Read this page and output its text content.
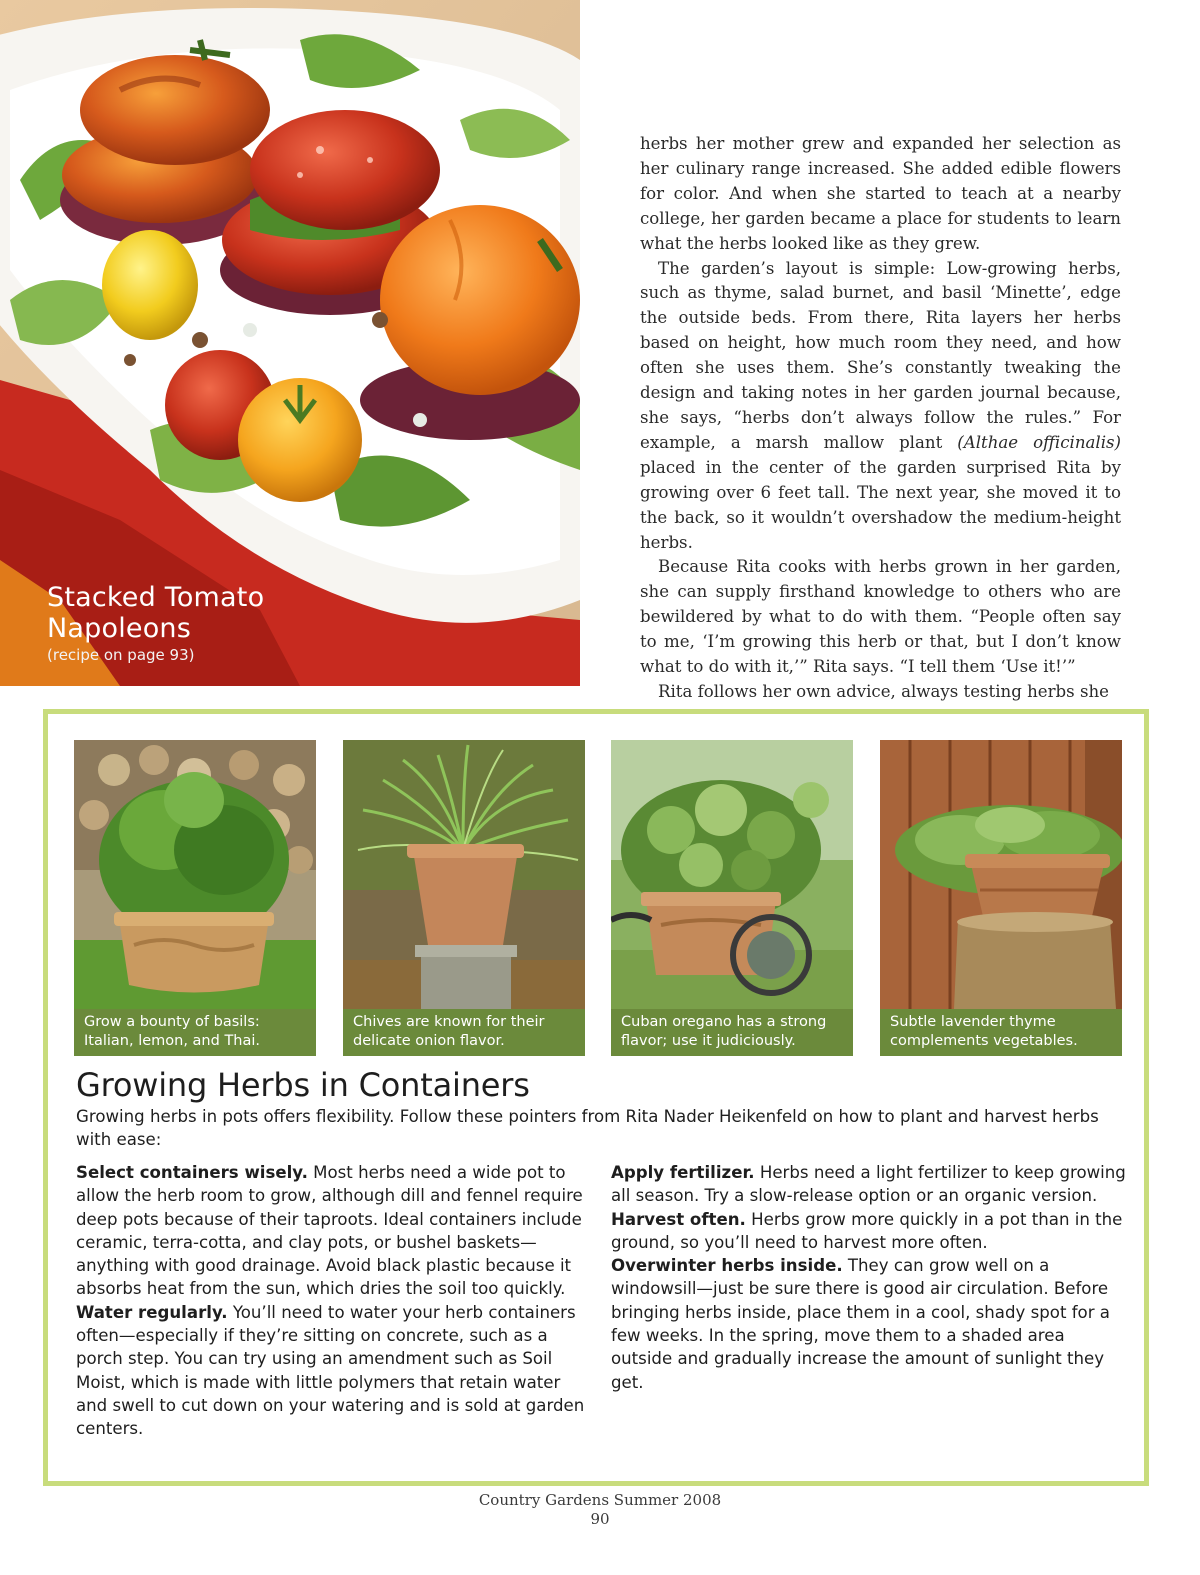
Stacked Tomato Napoleons
(recipe on page 93)

herbs her mother grew and expanded her selection as her culinary range increased. She added edible flowers for color. And when she started to teach at a nearby college, her garden became a place for students to learn what the herbs looked like as they grew.

The garden’s layout is simple: Low-growing herbs, such as thyme, salad burnet, and basil ‘Minette’, edge the outside beds. From there, Rita layers her herbs based on height, how much room they need, and how often she uses them. She’s constantly tweaking the design and taking notes in her garden journal because, she says, “herbs don’t always follow the rules.” For example, a marsh mallow plant (Althae officinalis) placed in the center of the garden surprised Rita by growing over 6 feet tall. The next year, she moved it to the back, so it wouldn’t overshadow the medium-height herbs.

Because Rita cooks with herbs grown in her garden, she can supply firsthand knowledge to others who are bewildered by what to do with them. “People often say to me, ‘I’m growing this herb or that, but I don’t know what to do with it,’” Rita says. “I tell them ‘Use it!’”

Rita follows her own advice, always testing herbs she

Grow a bounty of basils: Italian, lemon, and Thai.
Chives are known for their delicate onion flavor.
Cuban oregano has a strong flavor; use it judiciously.
Subtle lavender thyme complements vegetables.
Growing Herbs in Containers
Growing herbs in pots offers flexibility. Follow these pointers from Rita Nader Heikenfeld on how to plant and harvest herbs with ease:

Select containers wisely. Most herbs need a wide pot to allow the herb room to grow, although dill and fennel require deep pots because of their taproots. Ideal containers include ceramic, terra-cotta, and clay pots, or bushel baskets—anything with good drainage. Avoid black plastic because it absorbs heat from the sun, which dries the soil too quickly.

Water regularly. You’ll need to water your herb containers often—especially if they’re sitting on concrete, such as a porch step. You can try using an amendment such as Soil Moist, which is made with little polymers that retain water and swell to cut down on your watering and is sold at garden centers.

Apply fertilizer. Herbs need a light fertilizer to keep growing all season. Try a slow-release option or an organic version.

Harvest often. Herbs grow more quickly in a pot than in the ground, so you’ll need to harvest more often.

Overwinter herbs inside. They can grow well on a windowsill—just be sure there is good air circulation. Before bringing herbs inside, place them in a cool, shady spot for a few weeks. In the spring, move them to a shaded area outside and gradually increase the amount of sunlight they get.

Country Gardens Summer 2008
90
